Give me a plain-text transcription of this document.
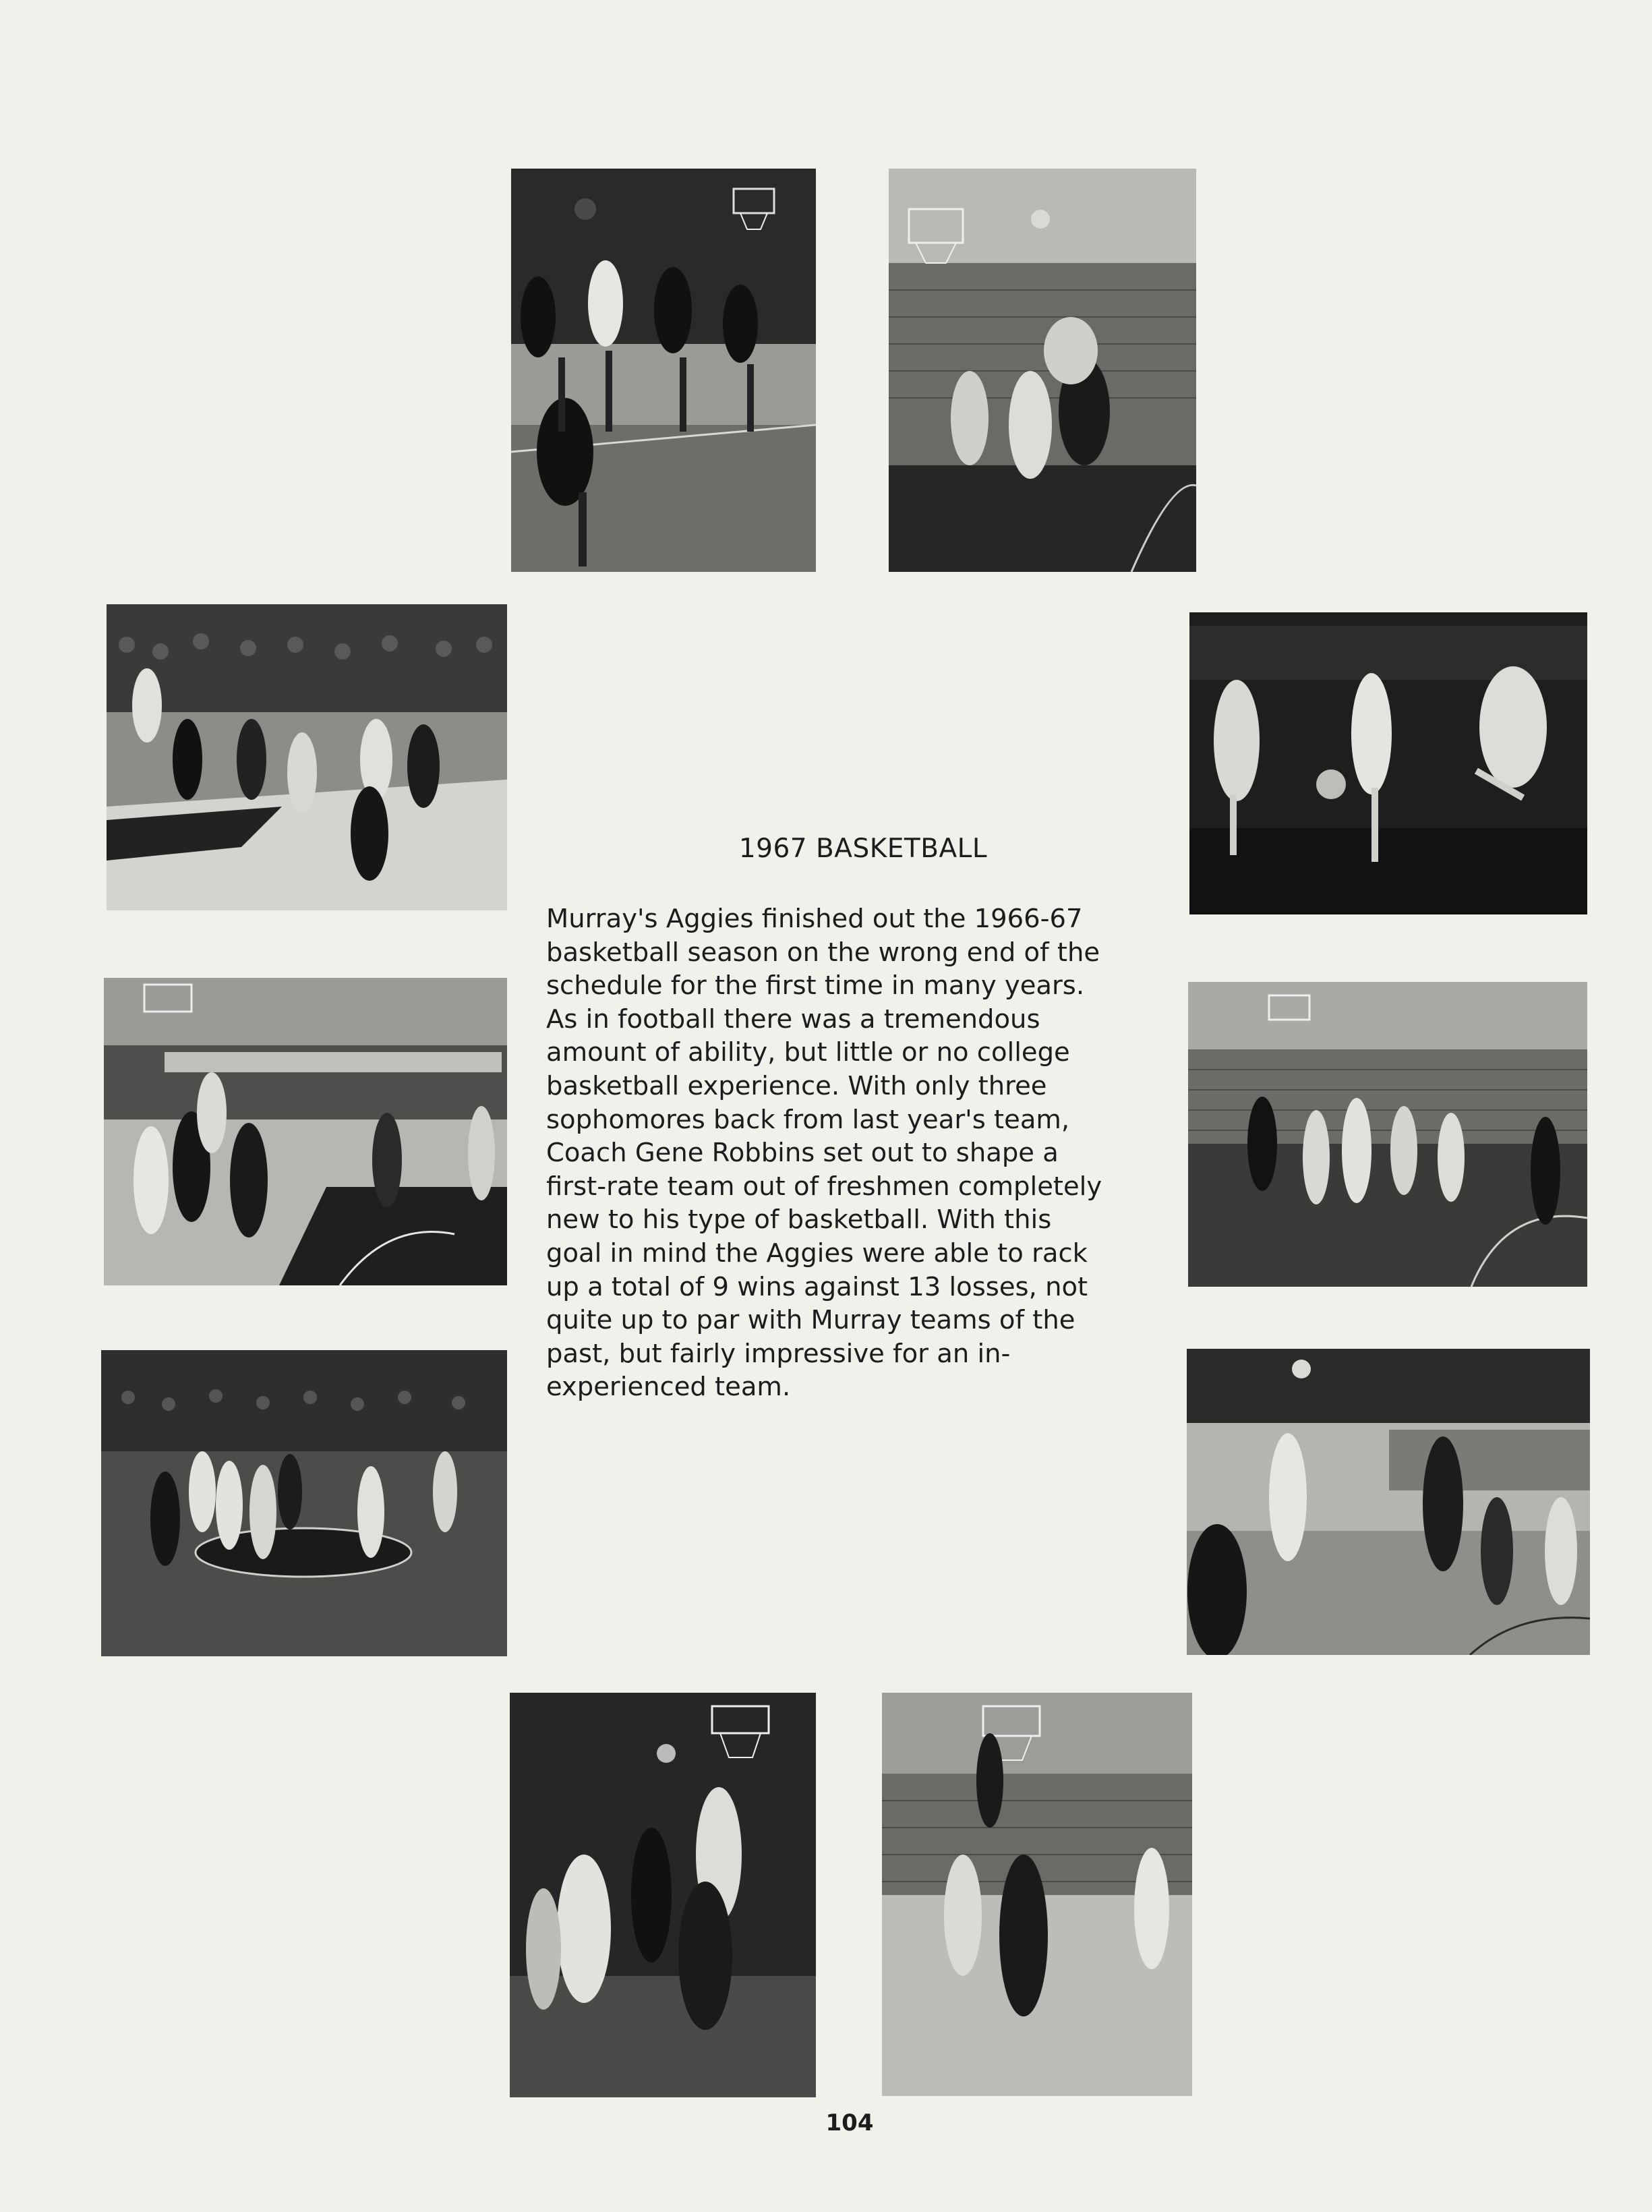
1967 BASKETBALL
Murray's Aggies finished out the 1966-67
basketball season on the wrong end of the
schedule for the first time in many years.
As in football there was a tremendous
amount of ability, but little or no college
basketball experience. With only three
sophomores back from last year's team,
Coach Gene Robbins set out to shape a
first-rate team out of freshmen completely
new to his type of basketball. With this
goal in mind the Aggies were able to rack
up a total of 9 wins against 13 losses, not
quite up to par with Murray teams of the
past, but fairly impressive for an in-
experienced team.
104
